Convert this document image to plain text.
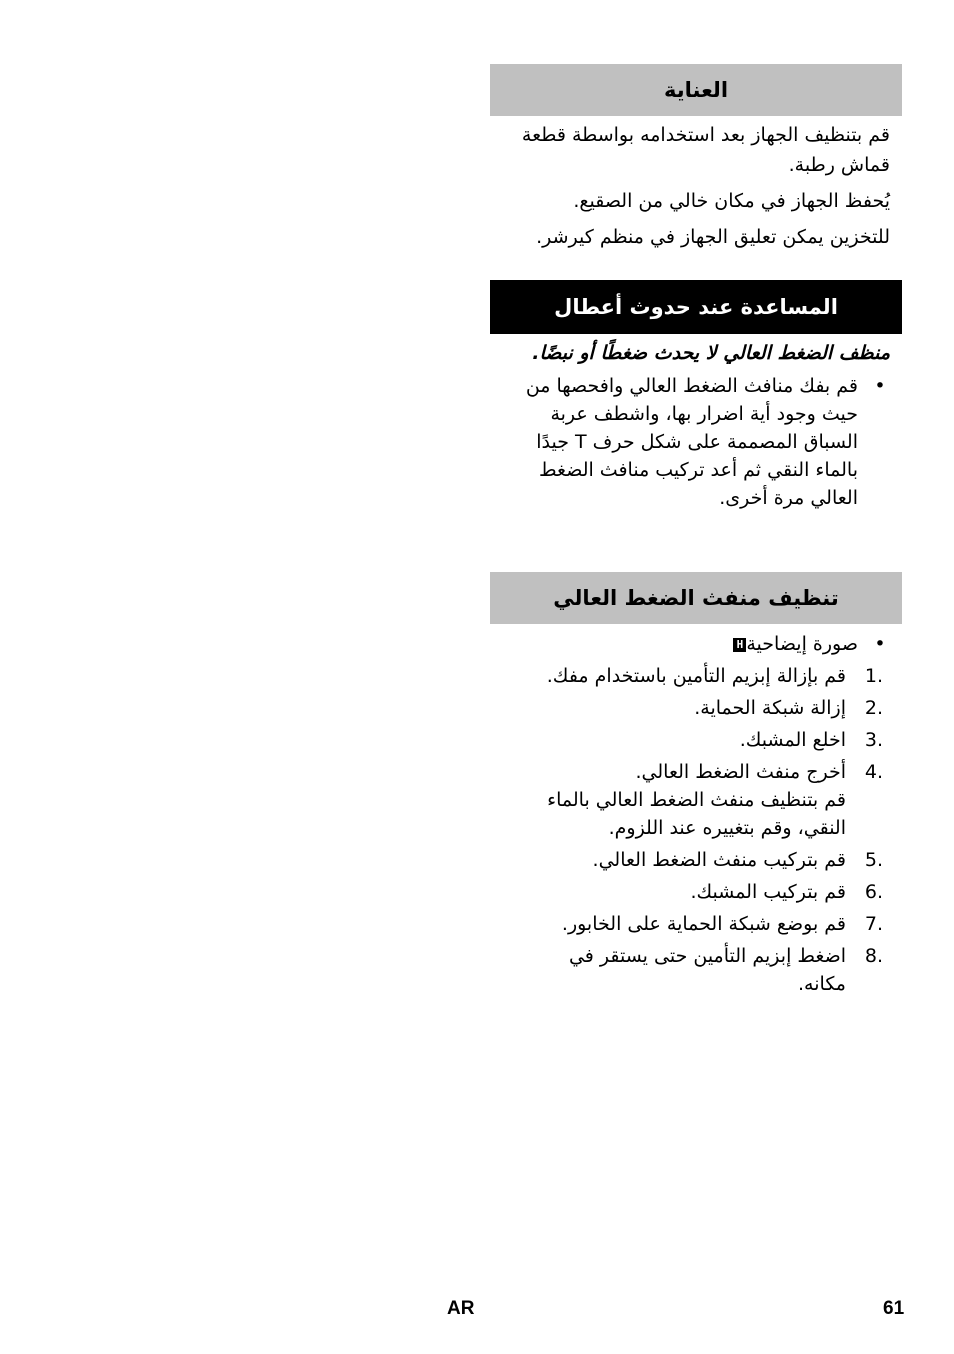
العناية

قم بتنظيف الجهاز بعد استخدامه بواسطة قطعة قماش رطبة.

يُحفظ الجهاز في مكان خالي من الصقيع.

للتخزين يمكن تعليق الجهاز في منظم كيرشر.

المساعدة عند حدوث أعطال

منظف الضغط العالي لا يحدث ضغطًا أو نبضًا.

•
قم بفك منافث الضغط العالي وافحصها من حيث وجود أية اضرار بها، واشطف عربة السباق المصممة على شكل حرف T جيدًا بالماء النقي ثم أعد تركيب منافث الضغط العالي مرة أخرى.
تنظيف منفث الضغط العالي
•
صورة إيضاحيةH
1.
قم بإزالة إبزيم التأمين باستخدام مفك.
2.
إزالة شبكة الحماية.
3.
اخلع المشبك.
4.
أخرج منفث الضغط العالي.
قم بتنظيف منفث الضغط العالي بالماء النقي، وقم بتغييره عند اللزوم.
5.
قم بتركيب منفث الضغط العالي.
6.
قم بتركيب المشبك.
7.
قم بوضع شبكة الحماية على الخابور.
8.
اضغط إبزيم التأمين حتى يستقر في مكانه.
AR	61
